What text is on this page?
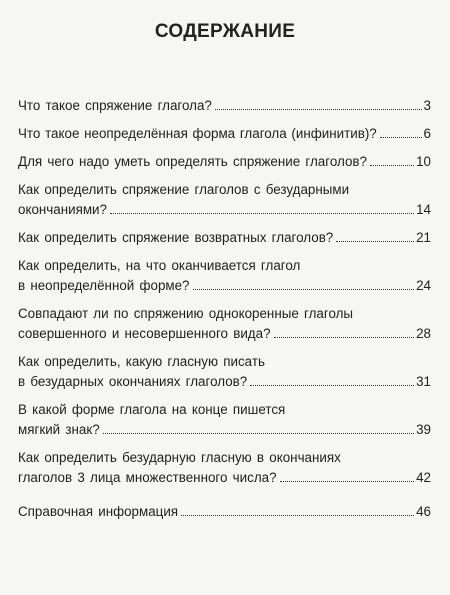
СОДЕРЖАНИЕ
Что такое спряжение глагола?	3
Что такое неопределённая форма глагола (инфинитив)?	6
Для чего надо уметь определять спряжение глаголов?	10
Как определить спряжение глаголов с безударными
окончаниями?	14
Как определить спряжение возвратных глаголов?	21
Как определить, на что оканчивается глагол
в неопределённой форме?	24
Совпадают ли по спряжению однокоренные глаголы
совершенного и несовершенного вида?	28
Как определить, какую гласную писать
в безударных окончаниях глаголов?	31
В какой форме глагола на конце пишется
мягкий знак?	39
Как определить безударную гласную в окончаниях
глаголов 3 лица множественного числа?	42
Справочная информация	46
